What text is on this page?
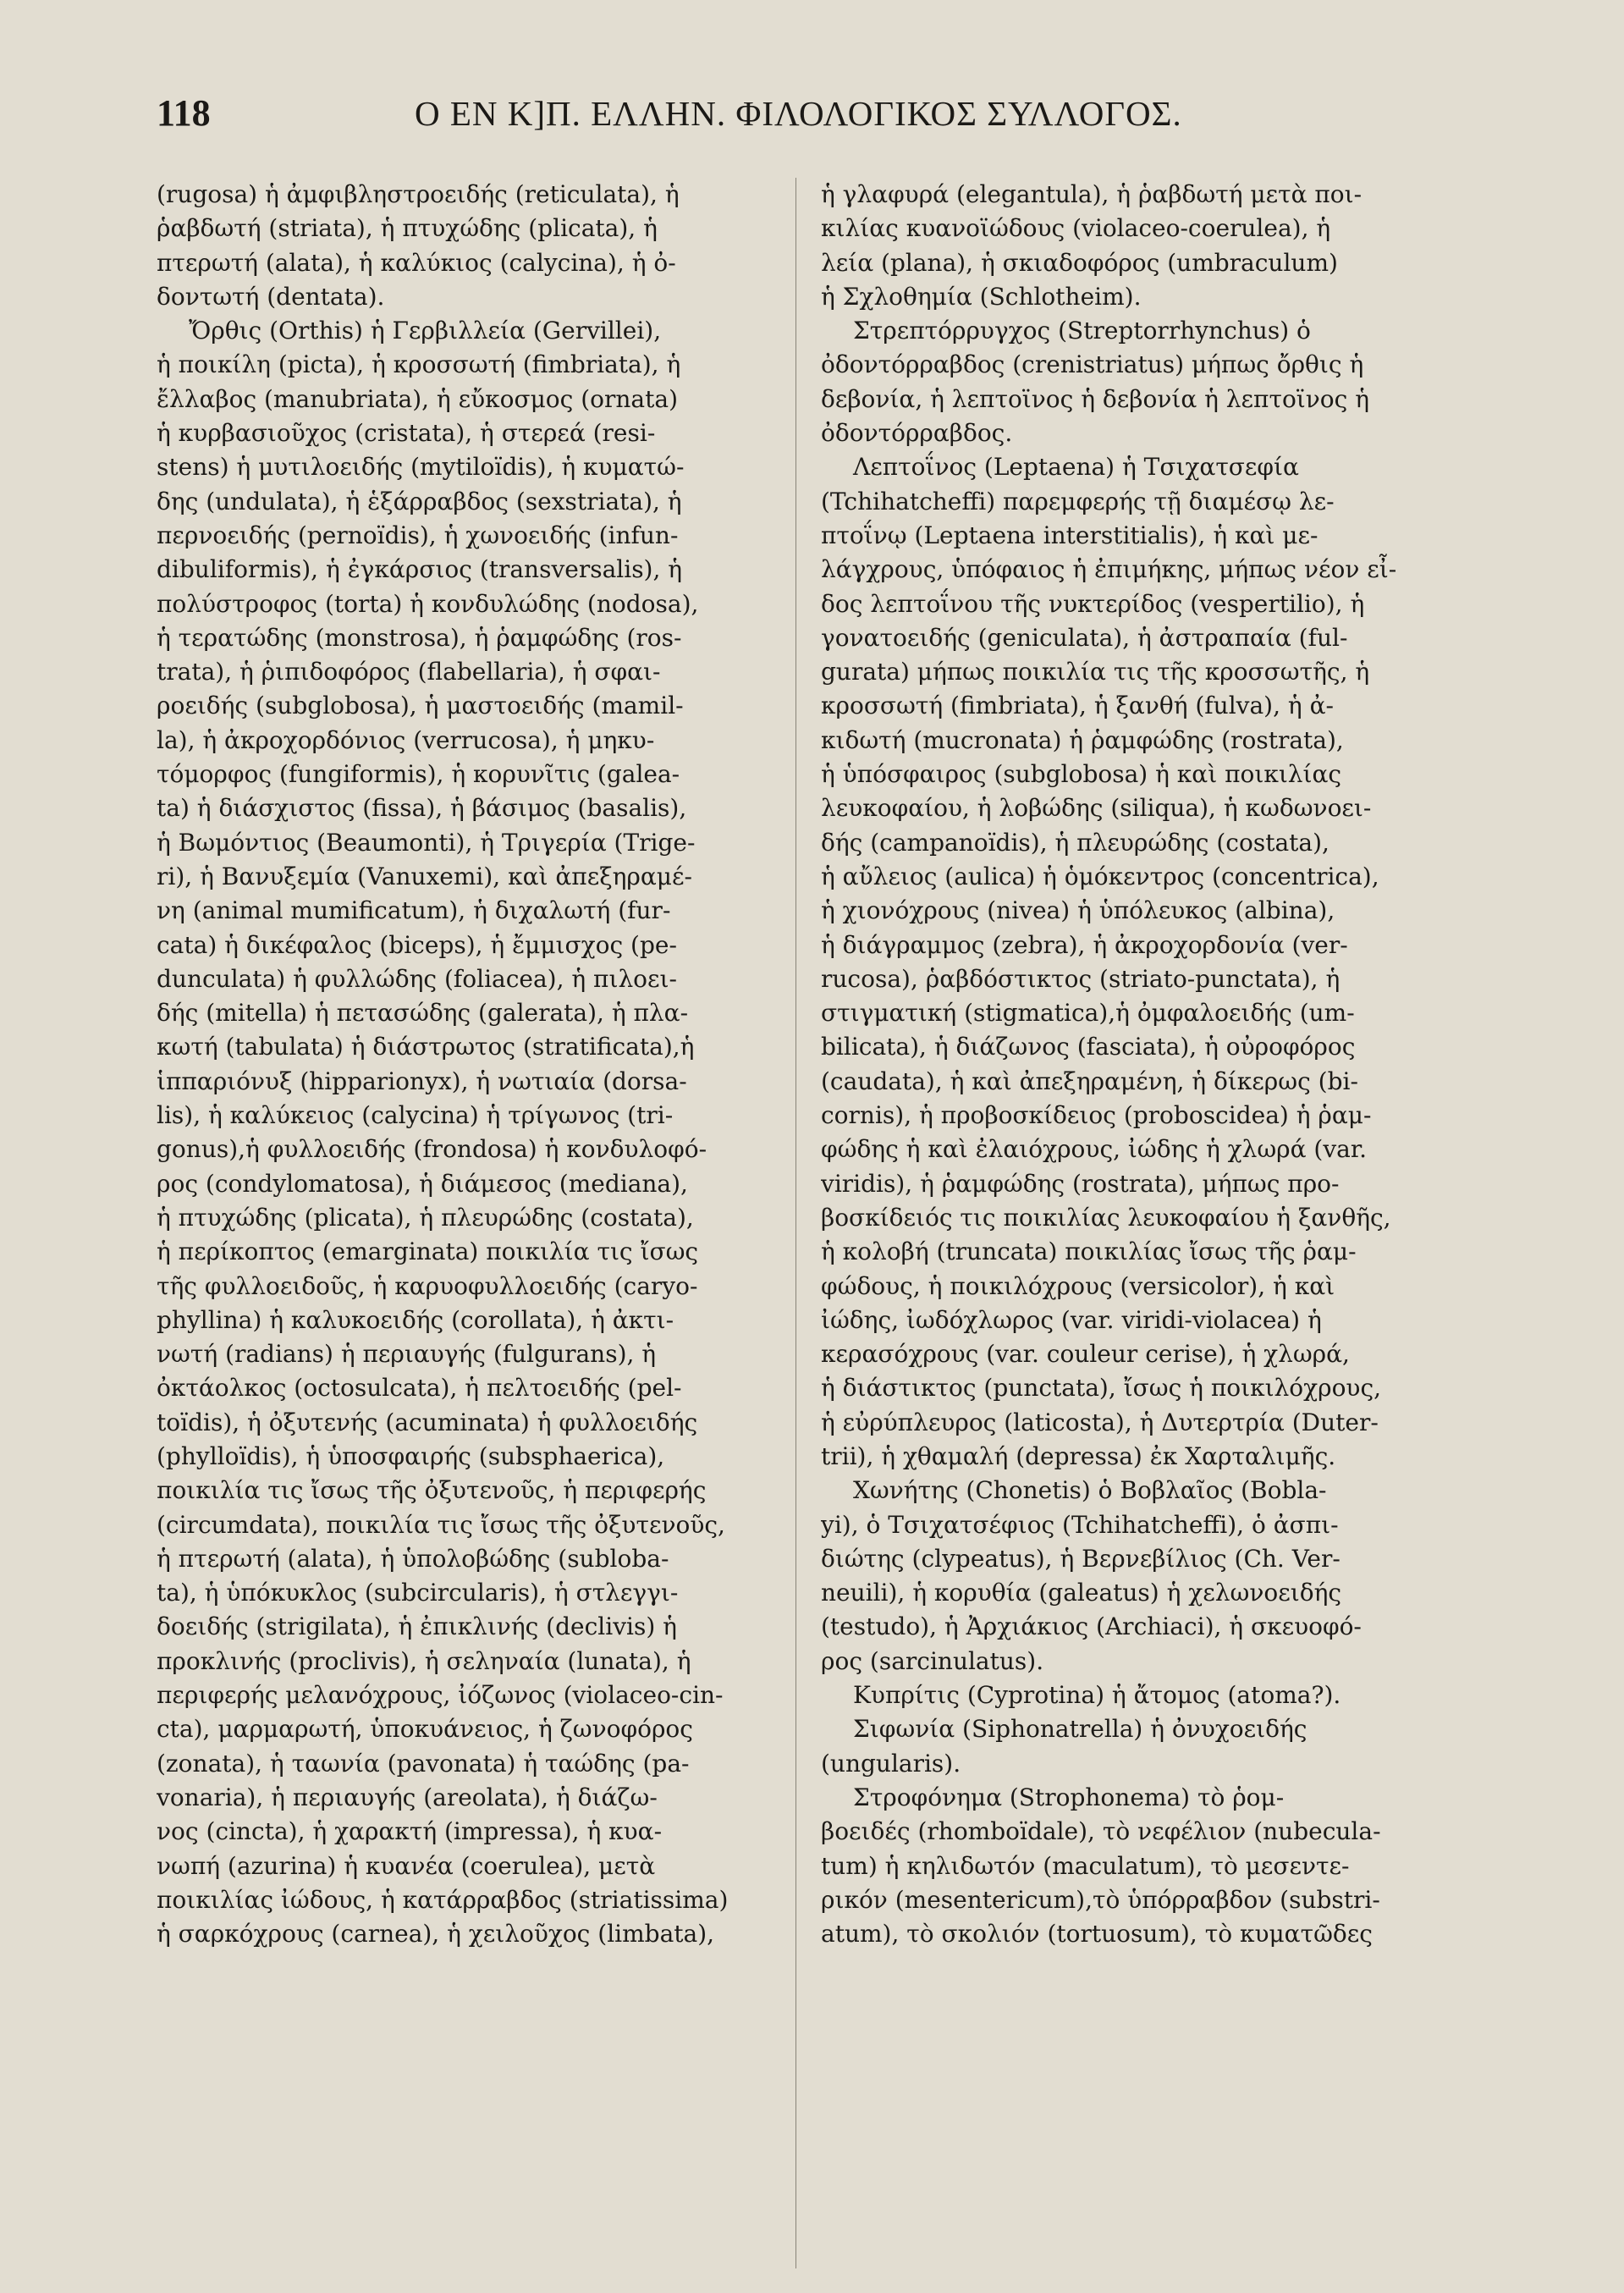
118	Ο ΕΝ Κ]Π. ΕΛΛΗΝ. ΦΙΛΟΛΟΓΙΚΟΣ ΣΥΛΛΟΓΟΣ.
(rugosa) ἡ ἀμφιβληστροειδής (reticulata), ἡ
ῥαβδωτή (striata), ἡ πτυχώδης (plicata), ἡ
πτερωτή (alata), ἡ καλύκιος (calycina), ἡ ὀ-
δοντωτή (dentata).
Ὄρθις (Orthis) ἡ Γερβιλλεία (Gervillei),
ἡ ποικίλη (picta), ἡ κροσσωτή (fimbriata), ἡ
ἔλλαβος (manubriata), ἡ εὔκοσμος (ornata)
ἡ κυρβασιοῦχος (cristata), ἡ στερεά (resi-
stens) ἡ μυτιλοειδής (mytiloïdis), ἡ κυματώ-
δης (undulata), ἡ ἑξάρραβδος (sexstriata), ἡ
περνοειδής (pernoïdis), ἡ χωνοειδής (infun-
dibuliformis), ἡ ἐγκάρσιος (transversalis), ἡ
πολύστροφος (torta) ἡ κονδυλώδης (nodosa),
ἡ τερατώδης (monstrosa), ἡ ῥαμφώδης (ros-
trata), ἡ ῥιπιδοφόρος (flabellaria), ἡ σφαι-
ροειδής (subglobosa), ἡ μαστοειδής (mamil-
la), ἡ ἀκροχορδόνιος (verrucosa), ἡ μηκυ-
τόμορφος (fungiformis), ἡ κορυνῖτις (galea-
ta) ἡ διάσχιστος (fissa), ἡ βάσιμος (basalis),
ἡ Βωμόντιος (Beaumonti), ἡ Τριγερία (Trige-
ri), ἡ Βανυξεμία (Vanuxemi), καὶ ἀπεξηραμέ-
νη (animal mumificatum), ἡ διχαλωτή (fur-
cata) ἡ δικέφαλος (biceps), ἡ ἔμμισχος (pe-
dunculata) ἡ φυλλώδης (foliacea), ἡ πιλοει-
δής (mitella) ἡ πετασώδης (galerata), ἡ πλα-
κωτή (tabulata) ἡ διάστρωτος (stratificata),ἡ
ἱππαριόνυξ (hipparionyx), ἡ νωτιαία (dorsa-
lis), ἡ καλύκειος (calycina) ἡ τρίγωνος (tri-
gonus),ἡ φυλλοειδής (frondosa) ἡ κονδυλοφό-
ρος (condylomatosa), ἡ διάμεσος (mediana),
ἡ πτυχώδης (plicata), ἡ πλευρώδης (costata),
ἡ περίκοπτος (emarginata) ποικιλία τις ἴσως
τῆς φυλλοειδοῦς, ἡ καρυοφυλλοειδής (caryo-
phyllina) ἡ καλυκοειδής (corollata), ἡ ἀκτι-
νωτή (radians) ἡ περιαυγής (fulgurans), ἡ
ὀκτάολκος (octosulcata), ἡ πελτοειδής (pel-
toïdis), ἡ ὀξυτενής (acuminata) ἡ φυλλοειδής
(phylloïdis), ἡ ὑποσφαιρής (subsphaerica),
ποικιλία τις ἴσως τῆς ὀξυτενοῦς, ἡ περιφερής
(circumdata), ποικιλία τις ἴσως τῆς ὀξυτενοῦς,
ἡ πτερωτή (alata), ἡ ὑπολοβώδης (subloba-
ta), ἡ ὑπόκυκλος (subcircularis), ἡ στλεγγι-
δοειδής (strigilata), ἡ ἐπικλινής (declivis) ἡ
προκλινής (proclivis), ἡ σεληναία (lunata), ἡ
περιφερής μελανόχρους, ἰόζωνος (violaceo-cin-
cta), μαρμαρωτή, ὑποκυάνειος, ἡ ζωνοφόρος
(zonata), ἡ ταωνία (pavonata) ἡ ταώδης (pa-
vonaria), ἡ περιαυγής (areolata), ἡ διάζω-
νος (cincta), ἡ χαρακτή (impressa), ἡ κυα-
νωπή (azurina) ἡ κυανέα (coerulea), μετὰ
ποικιλίας ἰώδους, ἡ κατάρραβδος (striatissima)
ἡ σαρκόχρους (carnea), ἡ χειλοῦχος (limbata),
ἡ γλαφυρά (elegantula), ἡ ῥαβδωτή μετὰ ποι-
κιλίας κυανοϊώδους (violaceo-coerulea), ἡ
λεία (plana), ἡ σκιαδοφόρος (umbraculum)
ἡ Σχλοθημία (Schlotheim).
Στρεπτόρρυγχος (Streptorrhynchus) ὁ
ὀδοντόρραβδος (crenistriatus) μήπως ὄρθις ἡ
δεβονία, ἡ λεπτοϊνος ἡ δεβονία ἡ λεπτοϊνος ἡ
ὀδοντόρραβδος.
Λεπτοΐνος (Leptaena) ἡ Τσιχατσεφία
(Tchihatcheffi) παρεμφερής τῇ διαμέσῳ λε-
πτοΐνῳ (Leptaena interstitialis), ἡ καὶ με-
λάγχρους, ὑπόφαιος ἡ ἐπιμήκης, μήπως νέον εἶ-
δος λεπτοΐνου τῆς νυκτερίδος (vespertilio), ἡ
γονατοειδής (geniculata), ἡ ἀστραπαία (ful-
gurata) μήπως ποικιλία τις τῆς κροσσωτῆς, ἡ
κροσσωτή (fimbriata), ἡ ξανθή (fulva), ἡ ἀ-
κιδωτή (mucronata) ἡ ῥαμφώδης (rostrata),
ἡ ὑπόσφαιρος (subglobosa) ἡ καὶ ποικιλίας
λευκοφαίου, ἡ λοβώδης (siliqua), ἡ κωδωνοει-
δής (campanoïdis), ἡ πλευρώδης (costata),
ἡ αὔλειος (aulica) ἡ ὁμόκεντρος (concentrica),
ἡ χιονόχρους (nivea) ἡ ὑπόλευκος (albina),
ἡ διάγραμμος (zebra), ἡ ἀκροχορδονία (ver-
rucosa), ῥαβδόστικτος (striato-punctata), ἡ
στιγματική (stigmatica),ἡ ὀμφαλοειδής (um-
bilicata), ἡ διάζωνος (fasciata), ἡ οὐροφόρος
(caudata), ἡ καὶ ἀπεξηραμένη, ἡ δίκερως (bi-
cornis), ἡ προβοσκίδειος (proboscidea) ἡ ῥαμ-
φώδης ἡ καὶ ἐλαιόχρους, ἰώδης ἡ χλωρά (var.
viridis), ἡ ῥαμφώδης (rostrata), μήπως προ-
βοσκίδειός τις ποικιλίας λευκοφαίου ἡ ξανθῆς,
ἡ κολοβή (truncata) ποικιλίας ἴσως τῆς ῥαμ-
φώδους, ἡ ποικιλόχρους (versicolor), ἡ καὶ
ἰώδης, ἰωδόχλωρος (var. viridi-violacea) ἡ
κερασόχρους (var. couleur cerise), ἡ χλωρά,
ἡ διάστικτος (punctata), ἴσως ἡ ποικιλόχρους,
ἡ εὐρύπλευρος (laticosta), ἡ Δυτερτρία (Duter-
trii), ἡ χθαμαλή (depressa) ἐκ Χαρταλιμῆς.
Χωνήτης (Chonetis) ὁ Βοβλαῖος (Bobla-
yi), ὁ Τσιχατσέφιος (Tchihatcheffi), ὁ ἀσπι-
διώτης (clypeatus), ἡ Βερνεβίλιος (Ch. Ver-
neuili), ἡ κορυθία (galeatus) ἡ χελωνοειδής
(testudo), ἡ Ἀρχιάκιος (Archiaci), ἡ σκευοφό-
ρος (sarcinulatus).
Κυπρίτις (Cyprotina) ἡ ἄτομος (atoma?).
Σιφωνία (Siphonatrella) ἡ ὀνυχοειδής
(ungularis).
Στροφόνημα (Strophonema) τὸ ῥομ-
βοειδές (rhomboïdale), τὸ νεφέλιον (nubecula-
tum) ἡ κηλιδωτόν (maculatum), τὸ μεσεντε-
ρικόν (mesentericum),τὸ ὑπόρραβδον (substri-
atum), τὸ σκολιόν (tortuosum), τὸ κυματῶδες
